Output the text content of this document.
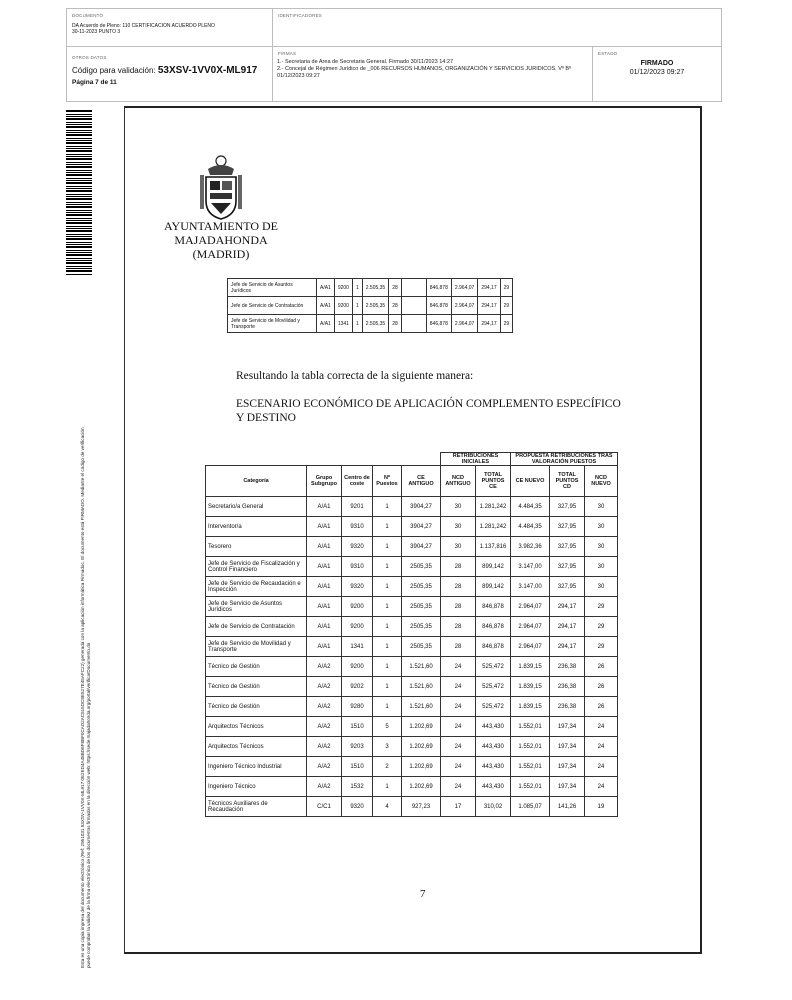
DOCUMENTO
DA Acuerdo de Pleno: 110 CERTIFICACION ACUERDO PLENO 30-11-2023 PUNTO 3
IDENTIFICADORES
OTROS DATOS
Código para validación: 53XSV-1VV0X-ML917
Página 7 de 11
FIRMAS
1.- Secretaria de Area de Secretaria General. Firmado 30/11/2023 14:27
2.- Concejal de Régimen Jurídico de _006 RECURSOS HUMANOS, ORGANIZACIÓN Y SERVICIOS JURIDICOS. Vº Bº
01/12/2023 09:27
ESTADO
FIRMADO
01/12/2023 09:27
Esta es una copia impresa del documento electrónico (Ref: 2951031 53XSV-1VV0X-ML917 0E2ED4A48BD6F8BF0CAD2AC515DC8E527E45AFC22) generada con la aplicación informática Firmadoc. El documento está FIRMADO. Mediante el código de verificación puede comprobar la validez de la firma electrónica de los documentos firmados en la dirección web: https://sede.majadahonda.org/portal/verificarDocumento.do
AYUNTAMIENTO DE
MAJADAHONDA
(MADRID)
Jefe de Servicio de Asuntos Jurídicos	A/A1	9200	1	2.505,35	28		846,878	2.964,07	294,17	29
Jefe de Servicio de Contratación	A/A1	9200	1	2.505,35	28		846,878	2.964,07	294,17	29
Jefe de Servicio de Movilidad y Transporte	A/A1	1341	1	2.505,35	28		846,878	2.964,07	294,17	29
Resultando la tabla correcta de la siguiente manera:
ESCENARIO ECONÓMICO DE APLICACIÓN COMPLEMENTO ESPECÍFICO
Y DESTINO
					RETRIBUCIONES INICIALES		PROPUESTA RETRIBUCIONES TRAS VALORACIÓN PUESTOS		
Categoría	Grupo Subgrupo	Centro de coste	Nº Puestos	CE ANTIGUO	NCD ANTIGUO	TOTAL PUNTOS CE	CE NUEVO	TOTAL PUNTOS CD	NCD NUEVO
Secretario/a General	A/A1	9201	1	3904,27	30	1.281,242	4.484,35	327,95	30
Interventor/a	A/A1	9310	1	3904,27	30	1.281,242	4.484,35	327,95	30
Tesorero	A/A1	9320	1	3904,27	30	1.137,816	3.982,36	327,95	30
Jefe de Servicio de Fiscalización y Control Financiero	A/A1	9310	1	2505,35	28	899,142	3.147,00	327,95	30
Jefe de Servicio de Recaudación e Inspección	A/A1	9320	1	2505,35	28	899,142	3.147,00	327,95	30
Jefe de Servicio de Asuntos Jurídicos	A/A1	9200	1	2505,35	28	846,878	2.964,07	294,17	29
Jefe de Servicio de Contratación	A/A1	9200	1	2505,35	28	846,878	2.964,07	294,17	29
Jefe de Servicio de Movilidad y Transporte	A/A1	1341	1	2505,35	28	846,878	2.964,07	294,17	29
Técnico de Gestión	A/A2	9200	1	1.521,60	24	525,472	1.839,15	236,38	26
Técnico de Gestión	A/A2	9202	1	1.521,60	24	525,472	1.839,15	236,38	26
Técnico de Gestión	A/A2	9280	1	1.521,60	24	525,472	1.839,15	236,38	26
Arquitectos Técnicos	A/A2	1510	5	1.202,69	24	443,430	1.552,01	197,34	24
Arquitectos Técnicos	A/A2	9203	3	1.202,69	24	443,430	1.552,01	197,34	24
Ingeniero Técnico Industrial	A/A2	1510	2	1.202,69	24	443,430	1.552,01	197,34	24
Ingeniero Técnico	A/A2	1532	1	1.202,69	24	443,430	1.552,01	197,34	24
Técnicos Auxiliares de Recaudación	C/C1	9320	4	927,23	17	310,02	1.085,07	141,26	19
7
